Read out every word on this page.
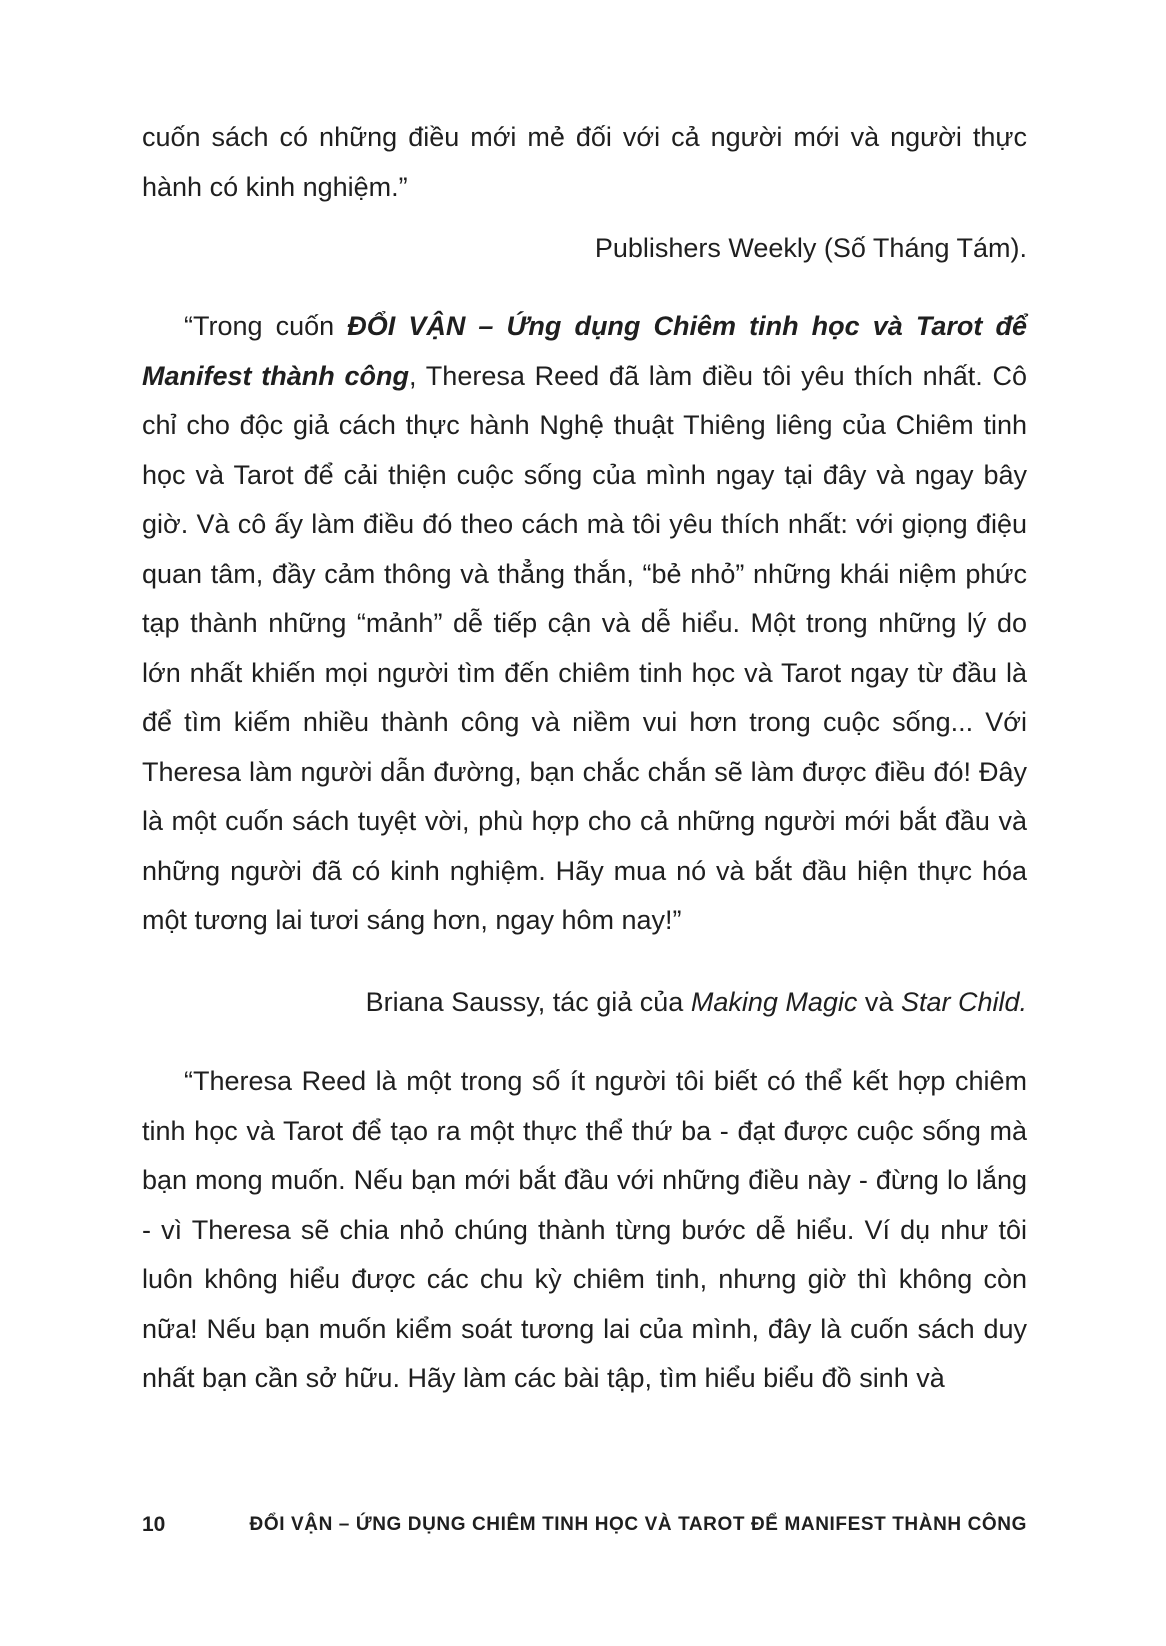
cuốn sách có những điều mới mẻ đối với cả người mới và người thực hành có kinh nghiệm.”

Publishers Weekly (Số Tháng Tám).

“Trong cuốn ĐỔI VẬN – Ứng dụng Chiêm tinh học và Tarot để Manifest thành công, Theresa Reed đã làm điều tôi yêu thích nhất. Cô chỉ cho độc giả cách thực hành Nghệ thuật Thiêng liêng của Chiêm tinh học và Tarot để cải thiện cuộc sống của mình ngay tại đây và ngay bây giờ. Và cô ấy làm điều đó theo cách mà tôi yêu thích nhất: với giọng điệu quan tâm, đầy cảm thông và thẳng thắn, “bẻ nhỏ” những khái niệm phức tạp thành những “mảnh” dễ tiếp cận và dễ hiểu. Một trong những lý do lớn nhất khiến mọi người tìm đến chiêm tinh học và Tarot ngay từ đầu là để tìm kiếm nhiều thành công và niềm vui hơn trong cuộc sống... Với Theresa làm người dẫn đường, bạn chắc chắn sẽ làm được điều đó! Đây là một cuốn sách tuyệt vời, phù hợp cho cả những người mới bắt đầu và những người đã có kinh nghiệm. Hãy mua nó và bắt đầu hiện thực hóa một tương lai tươi sáng hơn, ngay hôm nay!”

Briana Saussy, tác giả của Making Magic và Star Child.

“Theresa Reed là một trong số ít người tôi biết có thể kết hợp chiêm tinh học và Tarot để tạo ra một thực thể thứ ba - đạt được cuộc sống mà bạn mong muốn. Nếu bạn mới bắt đầu với những điều này - đừng lo lắng - vì Theresa sẽ chia nhỏ chúng thành từng bước dễ hiểu. Ví dụ như tôi luôn không hiểu được các chu kỳ chiêm tinh, nhưng giờ thì không còn nữa! Nếu bạn muốn kiểm soát tương lai của mình, đây là cuốn sách duy nhất bạn cần sở hữu. Hãy làm các bài tập, tìm hiểu biểu đồ sinh và

10	ĐỔI VẬN – ỨNG DỤNG CHIÊM TINH HỌC VÀ TAROT ĐỂ MANIFEST THÀNH CÔNG
